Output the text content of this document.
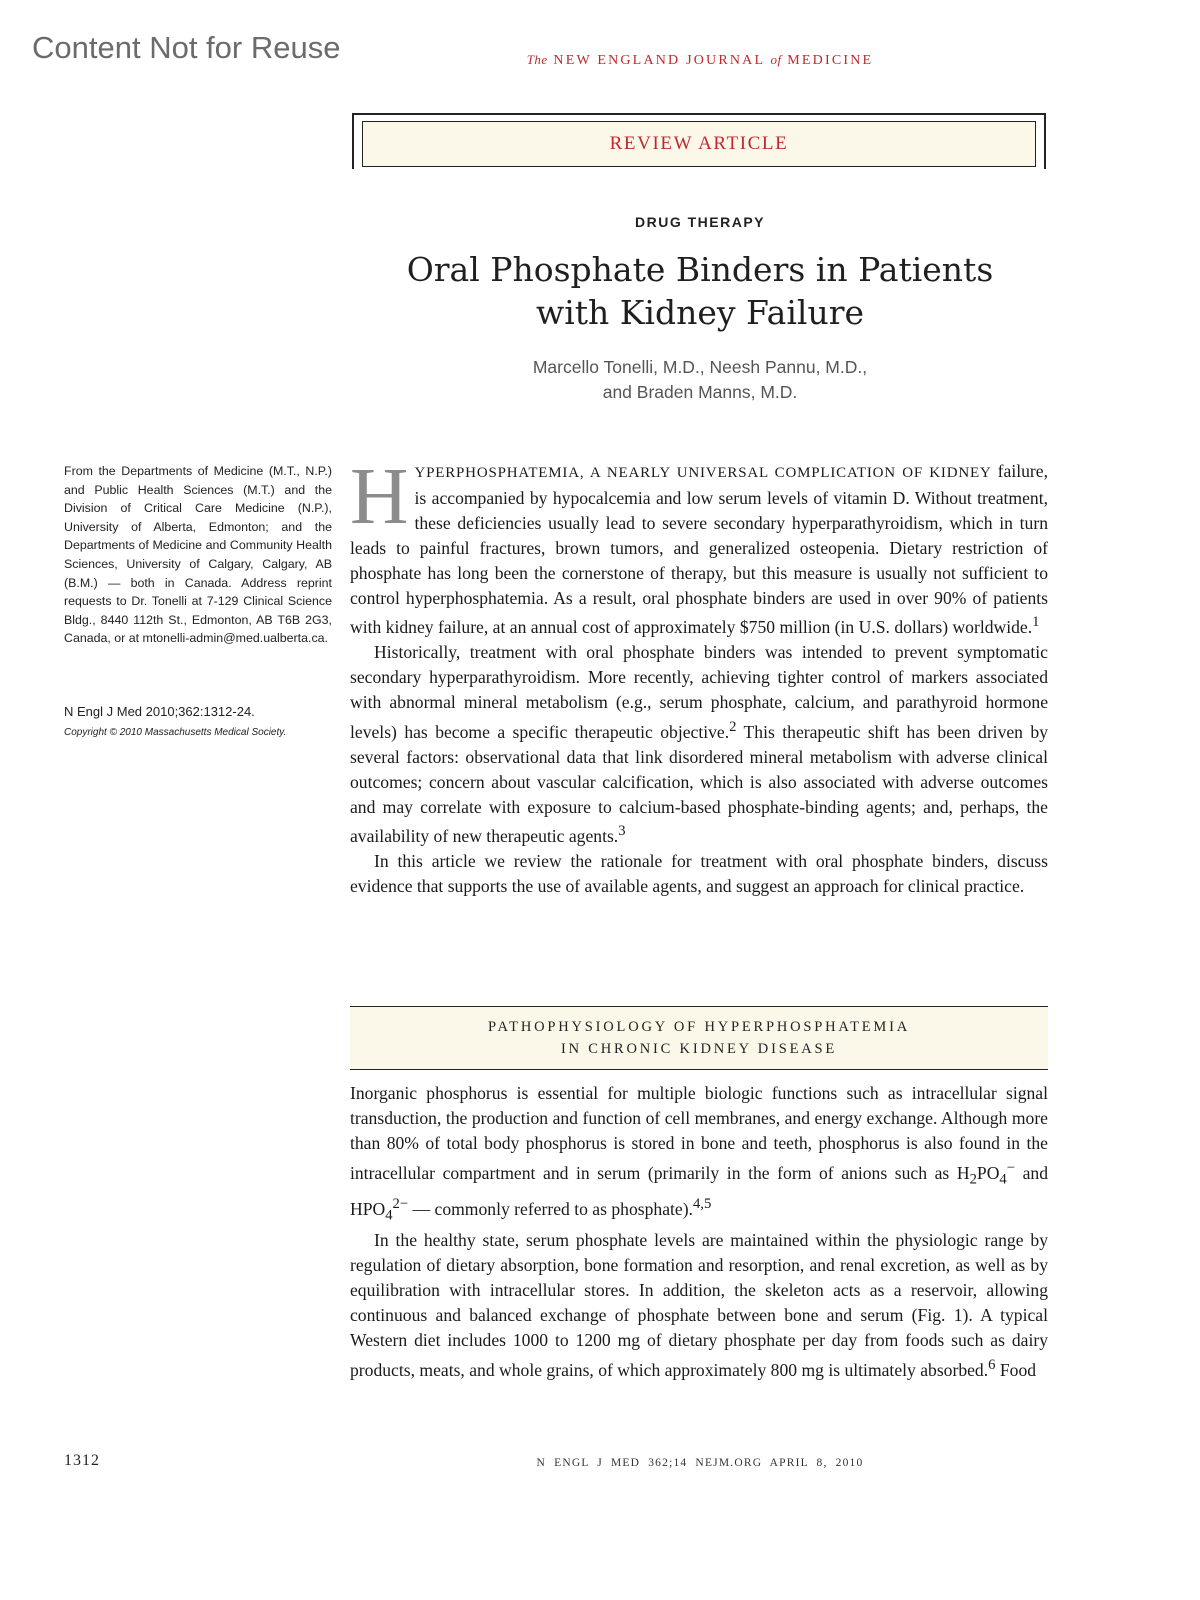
Content Not for Reuse	The NEW ENGLAND JOURNAL of MEDICINE
REVIEW ARTICLE
DRUG THERAPY
Oral Phosphate Binders in Patients
with Kidney Failure
Marcello Tonelli, M.D., Neesh Pannu, M.D.,
and Braden Manns, M.D.
From the Departments of Medicine (M.T., N.P.) and Public Health Sciences (M.T.) and the Division of Critical Care Medicine (N.P.), University of Alberta, Edmonton; and the Departments of Medicine and Community Health Sciences, University of Calgary, Calgary, AB (B.M.) — both in Canada. Address reprint requests to Dr. Tonelli at 7-129 Clinical Science Bldg., 8440 112th St., Edmonton, AB T6B 2G3, Canada, or at mtonelli-admin@med.ualberta.ca.
N Engl J Med 2010;362:1312-24.
Copyright © 2010 Massachusetts Medical Society.

HYPERPHOSPHATEMIA, A NEARLY UNIVERSAL COMPLICATION OF KIDNEY failure, is accompanied by hypocalcemia and low serum levels of vitamin D. Without treatment, these deficiencies usually lead to severe secondary hyperparathyroidism, which in turn leads to painful fractures, brown tumors, and generalized osteopenia. Dietary restriction of phosphate has long been the cornerstone of therapy, but this measure is usually not sufficient to control hyperphosphatemia. As a result, oral phosphate binders are used in over 90% of patients with kidney failure, at an annual cost of approximately $750 million (in U.S. dollars) worldwide.$^1$

Historically, treatment with oral phosphate binders was intended to prevent symptomatic secondary hyperparathyroidism. More recently, achieving tighter control of markers associated with abnormal mineral metabolism (e.g., serum phosphate, calcium, and parathyroid hormone levels) has become a specific therapeutic objective.$^2$ This therapeutic shift has been driven by several factors: observational data that link disordered mineral metabolism with adverse clinical outcomes; concern about vascular calcification, which is also associated with adverse outcomes and may correlate with exposure to calcium-based phosphate-binding agents; and, perhaps, the availability of new therapeutic agents.$^3$

In this article we review the rationale for treatment with oral phosphate binders, discuss evidence that supports the use of available agents, and suggest an approach for clinical practice.

PATHOPHYSIOLOGY OF HYPERPHOSPHATEMIA
IN CHRONIC KIDNEY DISEASE

Inorganic phosphorus is essential for multiple biologic functions such as intracellular signal transduction, the production and function of cell membranes, and energy exchange. Although more than 80% of total body phosphorus is stored in bone and teeth, phosphorus is also found in the intracellular compartment and in serum (primarily in the form of anions such as $H_2PO_4^-$ and $HPO_4^{2-}$ — commonly referred to as phosphate).$^{4,5}$

In the healthy state, serum phosphate levels are maintained within the physiologic range by regulation of dietary absorption, bone formation and resorption, and renal excretion, as well as by equilibration with intracellular stores. In addition, the skeleton acts as a reservoir, allowing continuous and balanced exchange of phosphate between bone and serum (Fig. 1). A typical Western diet includes 1000 to 1200 mg of dietary phosphate per day from foods such as dairy products, meats, and whole grains, of which approximately 800 mg is ultimately absorbed.$^6$ Food

1312	N ENGL J MED 362;14 NEJM.ORG APRIL 8, 2010
